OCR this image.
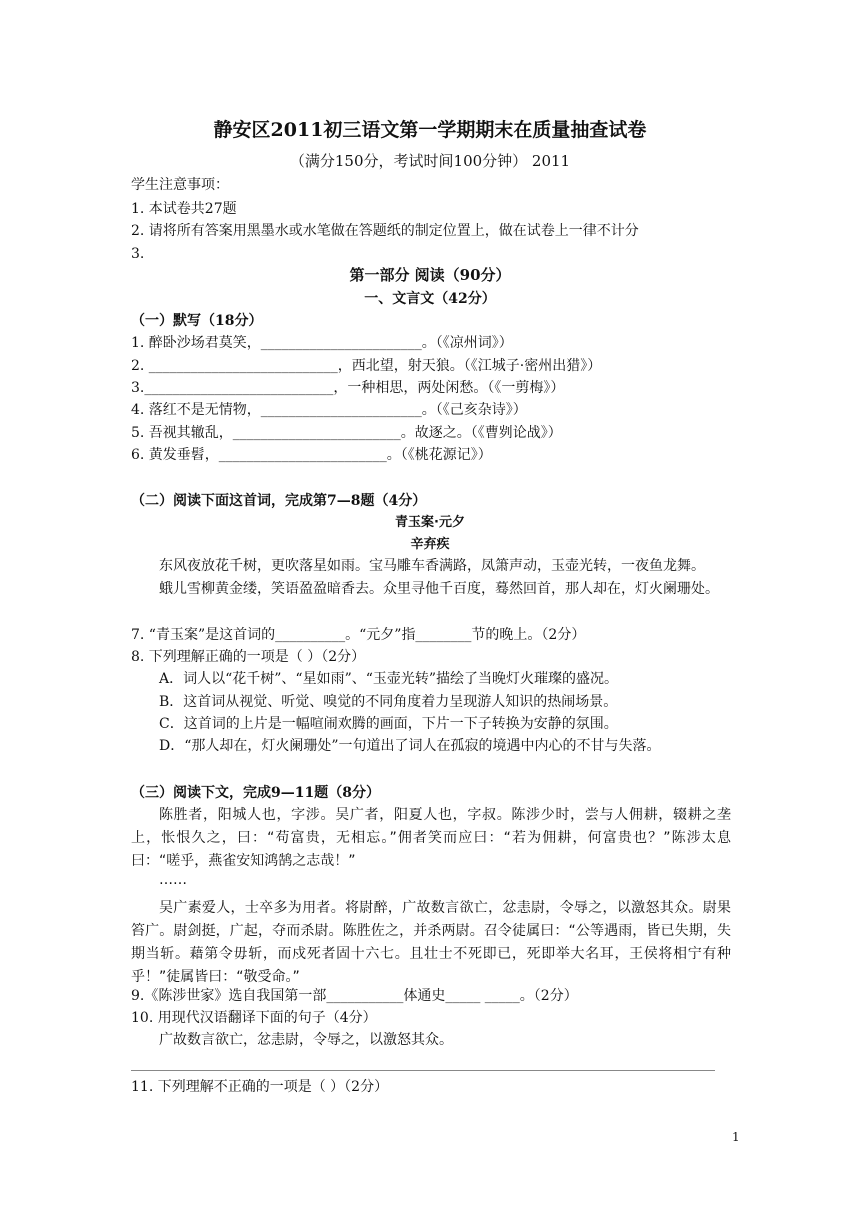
静安区2011初三语文第一学期期末在质量抽查试卷
（满分150分，考试时间100分钟） 2011
学生注意事项：
1. 本试卷共27题
2. 请将所有答案用黑墨水或水笔做在答题纸的制定位置上，做在试卷上一律不计分
3.
第一部分 阅读（90分）
一、文言文（42分）
（一）默写（18分）
1. 醉卧沙场君莫笑，_______________________。（《凉州词》）
2. ___________________________，西北望，射天狼。（《江城子·密州出猎》）
3.___________________________，一种相思，两处闲愁。（《一剪梅》）
4. 落红不是无情物，_______________________。（《己亥杂诗》）
5. 吾视其辙乱，________________________。故逐之。（《曹刿论战》）
6. 黄发垂髫，________________________。（《桃花源记》）
（二）阅读下面这首词，完成第7—8题（4分）
青玉案·元夕
辛弃疾
东风夜放花千树，更吹落星如雨。宝马雕车香满路，凤箫声动，玉壶光转，一夜鱼龙舞。
蛾儿雪柳黄金缕，笑语盈盈暗香去。众里寻他千百度，蓦然回首，那人却在，灯火阑珊处。
7. “青玉案”是这首词的__________。“元夕”指________节的晚上。（2分）
8. 下列理解正确的一项是（ ）（2分）
A．词人以“花千树”、“星如雨”、“玉壶光转”描绘了当晚灯火璀璨的盛况。
B．这首词从视觉、听觉、嗅觉的不同角度着力呈现游人知识的热闹场景。
C．这首词的上片是一幅喧闹欢腾的画面，下片一下子转换为安静的氛围。
D．“那人却在，灯火阑珊处”一句道出了词人在孤寂的境遇中内心的不甘与失落。
（三）阅读下文，完成9—11题（8分）
陈胜者，阳城人也，字涉。吴广者，阳夏人也，字叔。陈涉少时，尝与人佣耕，辍耕之垄上，怅恨久之，曰：“苟富贵，无相忘。”佣者笑而应曰：“若为佣耕，何富贵也？”陈涉太息曰：“嗟乎，燕雀安知鸿鹄之志哉！”
……
吴广素爱人，士卒多为用者。将尉醉，广故数言欲亡，忿恚尉，令辱之，以激怒其众。尉果笞广。尉剑挺，广起，夺而杀尉。陈胜佐之，并杀两尉。召令徒属曰：“公等遇雨，皆已失期，失期当斩。藉第令毋斩，而戍死者固十六七。且壮士不死即已，死即举大名耳，王侯将相宁有种乎！”徒属皆曰：“敬受命。”
9.《陈涉世家》选自我国第一部___________体通史_____ _____。（2分）
10. 用现代汉语翻译下面的句子（4分）
广故数言欲亡，忿恚尉，令辱之，以激怒其众。
11. 下列理解不正确的一项是（ ）（2分）
1
